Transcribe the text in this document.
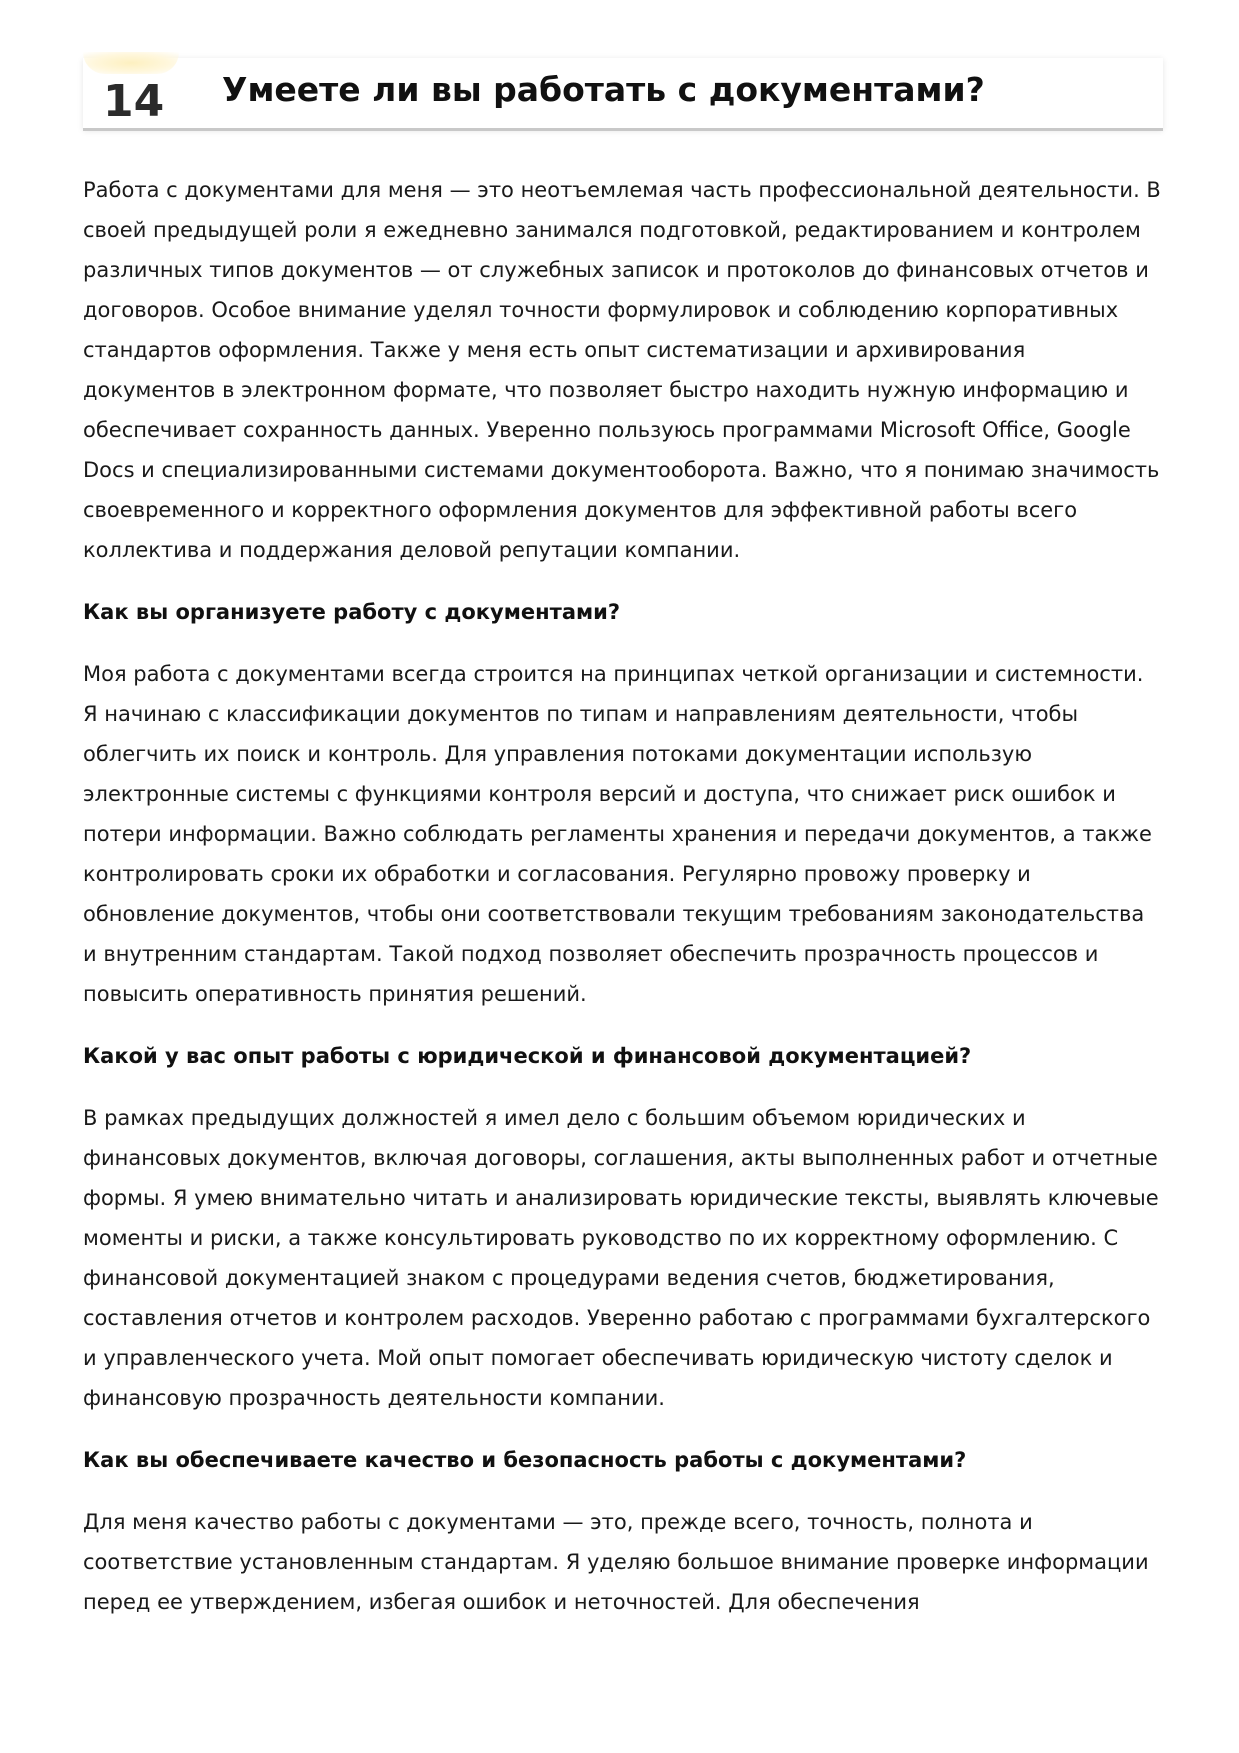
14 Умеете ли вы работать с документами?

Работа с документами для меня — это неотъемлемая часть профессиональной деятельности. В своей предыдущей роли я ежедневно занимался подготовкой, редактированием и контролем различных типов документов — от служебных записок и протоколов до финансовых отчетов и договоров. Особое внимание уделял точности формулировок и соблюдению корпоративных стандартов оформления. Также у меня есть опыт систематизации и архивирования документов в электронном формате, что позволяет быстро находить нужную информацию и обеспечивает сохранность данных. Уверенно пользуюсь программами Microsoft Office, Google Docs и специализированными системами документооборота. Важно, что я понимаю значимость своевременного и корректного оформления документов для эффективной работы всего коллектива и поддержания деловой репутации компании.

Как вы организуете работу с документами?

Моя работа с документами всегда строится на принципах четкой организации и системности. Я начинаю с классификации документов по типам и направлениям деятельности, чтобы облегчить их поиск и контроль. Для управления потоками документации использую электронные системы с функциями контроля версий и доступа, что снижает риск ошибок и потери информации. Важно соблюдать регламенты хранения и передачи документов, а также контролировать сроки их обработки и согласования. Регулярно провожу проверку и обновление документов, чтобы они соответствовали текущим требованиям законодательства и внутренним стандартам. Такой подход позволяет обеспечить прозрачность процессов и повысить оперативность принятия решений.

Какой у вас опыт работы с юридической и финансовой документацией?

В рамках предыдущих должностей я имел дело с большим объемом юридических и финансовых документов, включая договоры, соглашения, акты выполненных работ и отчетные формы. Я умею внимательно читать и анализировать юридические тексты, выявлять ключевые моменты и риски, а также консультировать руководство по их корректному оформлению. С финансовой документацией знаком с процедурами ведения счетов, бюджетирования, составления отчетов и контролем расходов. Уверенно работаю с программами бухгалтерского и управленческого учета. Мой опыт помогает обеспечивать юридическую чистоту сделок и финансовую прозрачность деятельности компании.

Как вы обеспечиваете качество и безопасность работы с документами?

Для меня качество работы с документами — это, прежде всего, точность, полнота и соответствие установленным стандартам. Я уделяю большое внимание проверке информации перед ее утверждением, избегая ошибок и неточностей. Для обеспечения
